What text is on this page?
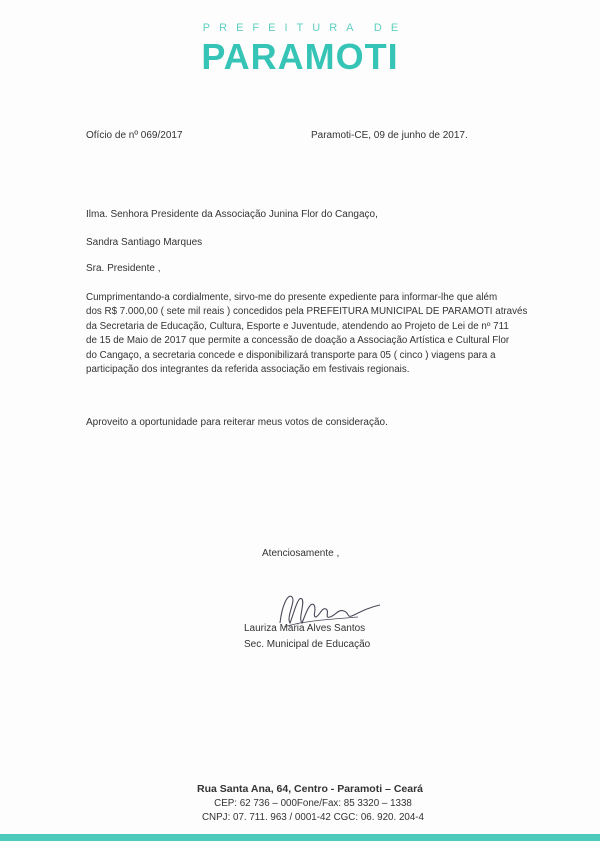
PREFEITURA DE
PARAMOTI
Ofício de nº 069/2017	Paramoti-CE, 09 de junho de 2017.
Ilma. Senhora Presidente da Associação Junina Flor do Cangaço,
Sandra Santiago Marques
Sra. Presidente ,
Cumprimentando-a cordialmente, sirvo-me do presente expediente para informar-lhe que além
dos R$ 7.000,00 ( sete mil reais ) concedidos pela PREFEITURA MUNICIPAL DE PARAMOTI através
da Secretaria de Educação, Cultura, Esporte e Juventude, atendendo ao Projeto de Lei de nº 711
de 15 de Maio de 2017 que permite a concessão de doação a Associação Artística e Cultural Flor
do Cangaço, a secretaria concede e disponibilizará transporte para 05 ( cinco ) viagens para a
participação dos integrantes da referida associação em festivais regionais.
Aproveito a oportunidade para reiterar meus votos de consideração.
Atenciosamente ,
Lauriza Maria Alves Santos
Sec. Municipal de Educação
Rua Santa Ana, 64, Centro - Paramoti – Ceará
CEP: 62 736 – 000Fone/Fax: 85 3320 – 1338
CNPJ: 07. 711. 963 / 0001-42 CGC: 06. 920. 204-4
